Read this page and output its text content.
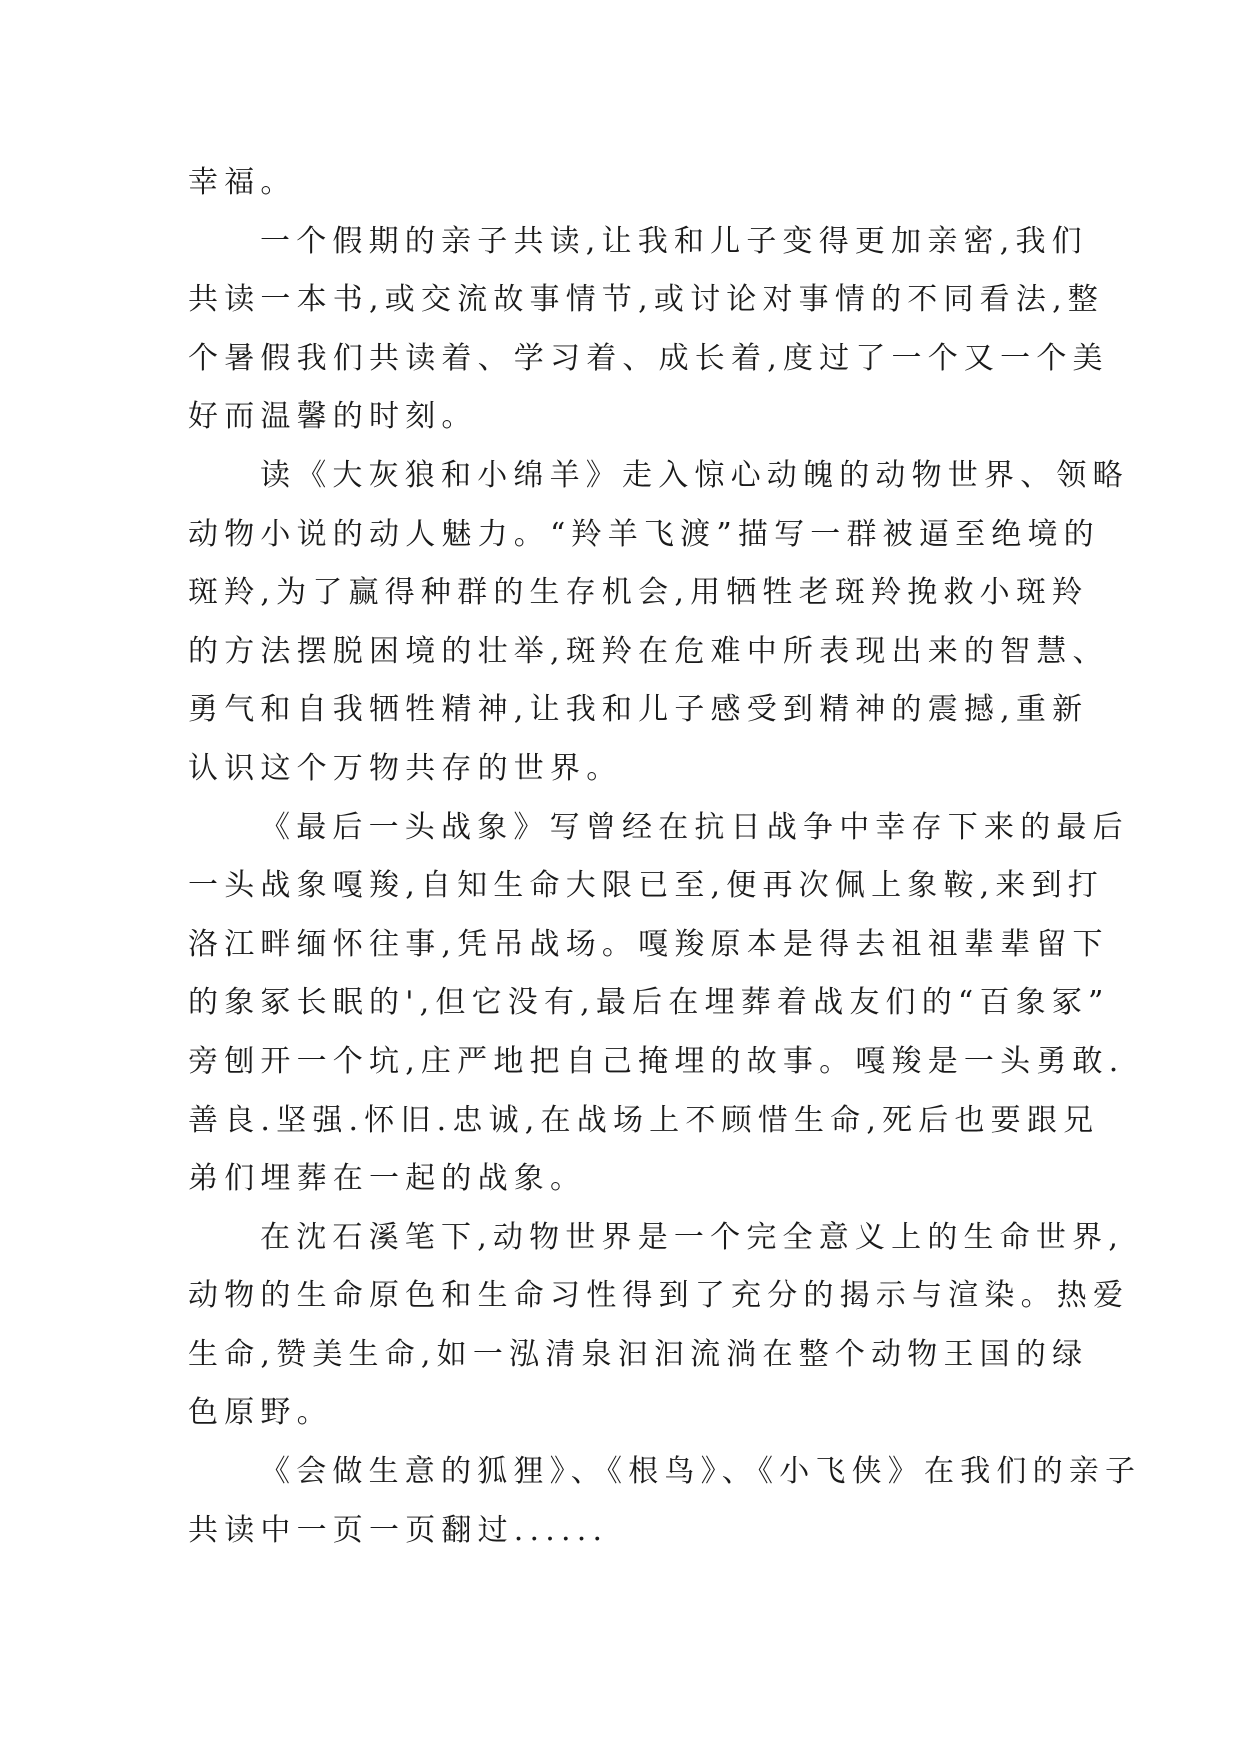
幸福。
一个假期的亲子共读,让我和儿子变得更加亲密,我们
共读一本书,或交流故事情节,或讨论对事情的不同看法,整
个暑假我们共读着、学习着、成长着,度过了一个又一个美
好而温馨的时刻。
读《大灰狼和小绵羊》走入惊心动魄的动物世界、领略
动物小说的动人魅力。“羚羊飞渡”描写一群被逼至绝境的
斑羚,为了赢得种群的生存机会,用牺牲老斑羚挽救小斑羚
的方法摆脱困境的壮举,斑羚在危难中所表现出来的智慧、
勇气和自我牺牲精神,让我和儿子感受到精神的震撼,重新
认识这个万物共存的世界。
《最后一头战象》写曾经在抗日战争中幸存下来的最后
一头战象嘎羧,自知生命大限已至,便再次佩上象鞍,来到打
洛江畔缅怀往事,凭吊战场。嘎羧原本是得去祖祖辈辈留下
的象冢长眠的',但它没有,最后在埋葬着战友们的“百象冢”
旁刨开一个坑,庄严地把自己掩埋的故事。嘎羧是一头勇敢.
善良.坚强.怀旧.忠诚,在战场上不顾惜生命,死后也要跟兄
弟们埋葬在一起的战象。
在沈石溪笔下,动物世界是一个完全意义上的生命世界,
动物的生命原色和生命习性得到了充分的揭示与渲染。热爱
生命,赞美生命,如一泓清泉汩汩流淌在整个动物王国的绿
色原野。
《会做生意的狐狸》、《根鸟》、《小飞侠》在我们的亲子
共读中一页一页翻过......
